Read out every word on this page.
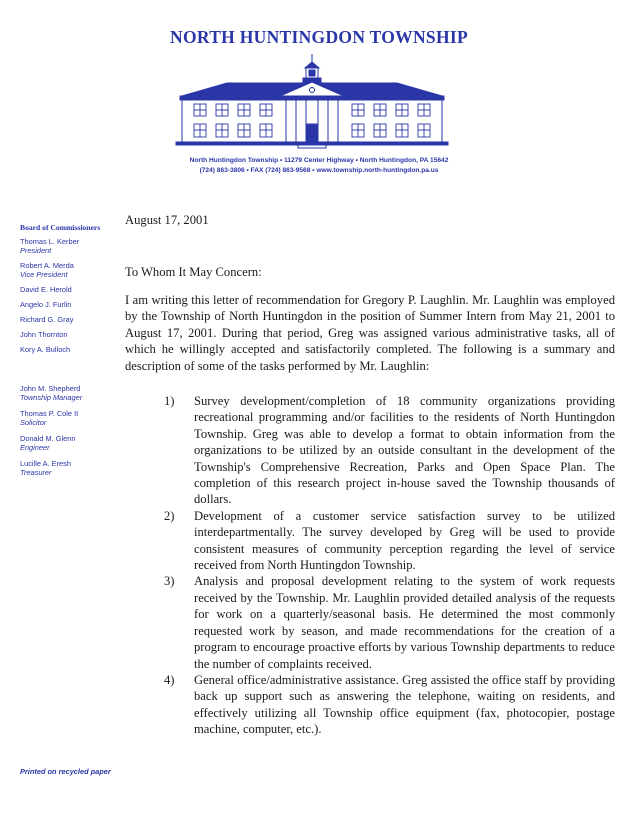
NORTH HUNTINGDON TOWNSHIP
North Huntingdon Township • 11279 Center Highway • North Huntingdon, PA 15642
(724) 863-3806 • FAX (724) 863-9568 • www.township.north-huntingdon.pa.us
Board of Commissioners
Thomas L. Kerber
President
Robert A. Merda
Vice President
David E. Herold
Angelo J. Furlin
Richard G. Gray
John Thornton
Kory A. Bulloch
John M. Shepherd
Township Manager
Thomas P. Cole II
Solicitor
Donald M. Glenn
Engineer
Lucille A. Eresh
Treasurer
Printed on recycled paper
August 17, 2001
To Whom It May Concern:
I am writing this letter of recommendation for Gregory P. Laughlin. Mr. Laughlin was employed by the Township of North Huntingdon in the position of Summer Intern from May 21, 2001 to August 17, 2001. During that period, Greg was assigned various administrative tasks, all of which he willingly accepted and satisfactorily completed. The following is a summary and description of some of the tasks performed by Mr. Laughlin:
1) Survey development/completion of 18 community organizations providing recreational programming and/or facilities to the residents of North Huntingdon Township. Greg was able to develop a format to obtain information from the organizations to be utilized by an outside consultant in the development of the Township's Comprehensive Recreation, Parks and Open Space Plan. The completion of this research project in-house saved the Township thousands of dollars.
2) Development of a customer service satisfaction survey to be utilized interdepartmentally. The survey developed by Greg will be used to provide consistent measures of community perception regarding the level of service received from North Huntingdon Township.
3) Analysis and proposal development relating to the system of work requests received by the Township. Mr. Laughlin provided detailed analysis of the requests for work on a quarterly/seasonal basis. He determined the most commonly requested work by season, and made recommendations for the creation of a program to encourage proactive efforts by various Township departments to reduce the number of complaints received.
4) General office/administrative assistance. Greg assisted the office staff by providing back up support such as answering the telephone, waiting on residents, and effectively utilizing all Township office equipment (fax, photocopier, postage machine, computer, etc.).
